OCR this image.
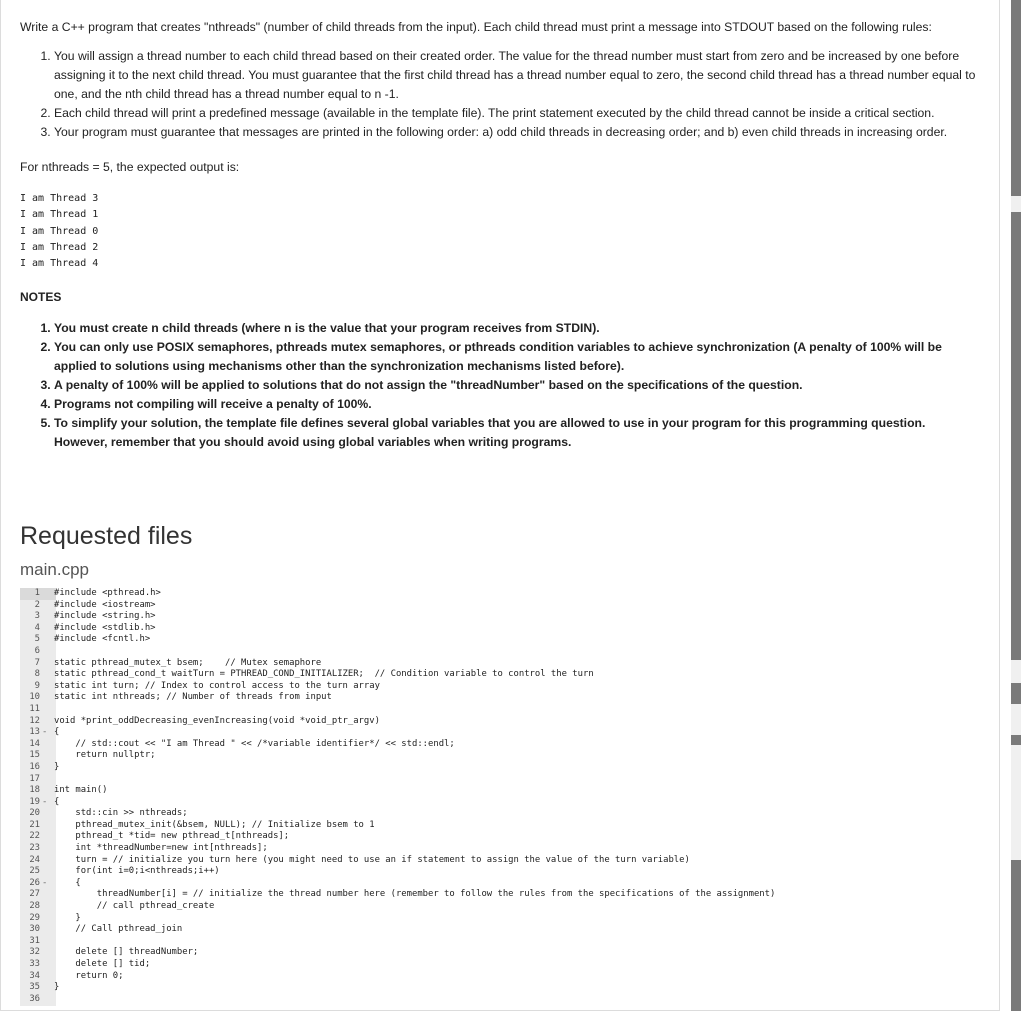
Write a C++ program that creates "nthreads" (number of child threads from the input). Each child thread must print a message into STDOUT based on the following rules:

1. You will assign a thread number to each child thread based on their created order. The value for the thread number must start from zero and be increased by one before assigning it to the next child thread. You must guarantee that the first child thread has a thread number equal to zero, the second child thread has a thread number equal to one, and the nth child thread has a thread number equal to n -1.
2. Each child thread will print a predefined message (available in the template file). The print statement executed by the child thread cannot be inside a critical section.
3. Your program must guarantee that messages are printed in the following order: a) odd child threads in decreasing order; and b) even child threads in increasing order.

For nthreads = 5, the expected output is:

I am Thread 3
I am Thread 1
I am Thread 0
I am Thread 2
I am Thread 4

NOTES

1. You must create n child threads (where n is the value that your program receives from STDIN).
2. You can only use POSIX semaphores, pthreads mutex semaphores, or pthreads condition variables to achieve synchronization (A penalty of 100% will be applied to solutions using mechanisms other than the synchronization mechanisms listed before).
3. A penalty of 100% will be applied to solutions that do not assign the "threadNumber" based on the specifications of the question.
4. Programs not compiling will receive a penalty of 100%.
5. To simplify your solution, the template file defines several global variables that you are allowed to use in your program for this programming question. However, remember that you should avoid using global variables when writing programs.
Requested files
main.cpp
1 #include <pthread.h>
2 #include <iostream>
3 #include <string.h>
4 #include <stdlib.h>
5 #include <fcntl.h>
6
7 static pthread_mutex_t bsem;    // Mutex semaphore
8 static pthread_cond_t waitTurn = PTHREAD_COND_INITIALIZER;  // Condition variable to control the turn
9 static int turn; // Index to control access to the turn array
10 static int nthreads; // Number of threads from input
11
12 void *print_oddDecreasing_evenIncreasing(void *void_ptr_argv)
13 - {
14    // std::cout << "I am Thread " << /*variable identifier*/ << std::endl;
15    return nullptr;
16 }
17
18 int main()
19 - {
20    std::cin >> nthreads;
21    pthread_mutex_init(&bsem, NULL); // Initialize bsem to 1
22    pthread_t *tid= new pthread_t[nthreads];
23    int *threadNumber=new int[nthreads];
24    turn = // initialize you turn here (you might need to use an if statement to assign the value of the turn variable)
25    for(int i=0;i<nthreads;i++)
26 -    {
27        threadNumber[i] = // initialize the thread number here (remember to follow the rules from the specifications of the assignment)
28        // call pthread_create
29    }
30    // Call pthread_join
31
32    delete [] threadNumber;
33    delete [] tid;
34    return 0;
35 }
36
